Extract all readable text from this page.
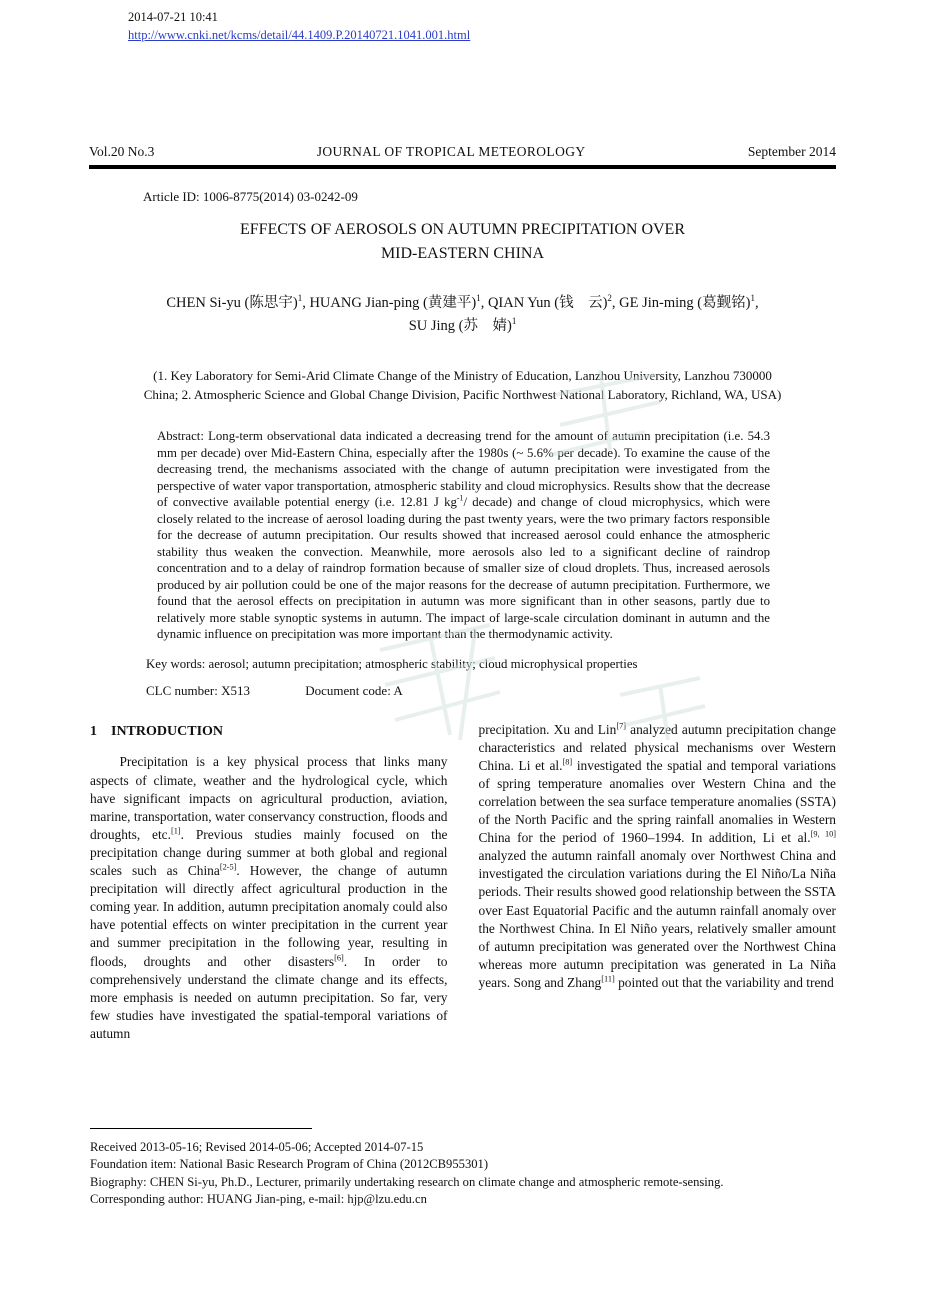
2014-07-21 10:41
http://www.cnki.net/kcms/detail/44.1409.P.20140721.1041.001.html
Vol.20 No.3	JOURNAL OF TROPICAL METEOROLOGY	September 2014
Article ID: 1006-8775(2014) 03-0242-09
EFFECTS OF AEROSOLS ON AUTUMN PRECIPITATION OVER
MID-EASTERN CHINA
CHEN Si-yu (陈思宇)$^1$, HUANG Jian-ping (黄建平)$^1$, QIAN Yun (钱　云)$^2$, GE Jin-ming (葛觐铭)$^1$,
SU Jing (苏　婧)$^1$
(1. Key Laboratory for Semi-Arid Climate Change of the Ministry of Education, Lanzhou University, Lanzhou 730000 China; 2. Atmospheric Science and Global Change Division, Pacific Northwest National Laboratory, Richland, WA, USA)
Abstract: Long-term observational data indicated a decreasing trend for the amount of autumn precipitation (i.e. 54.3 mm per decade) over Mid-Eastern China, especially after the 1980s (~ 5.6% per decade). To examine the cause of the decreasing trend, the mechanisms associated with the change of autumn precipitation were investigated from the perspective of water vapor transportation, atmospheric stability and cloud microphysics. Results show that the decrease of convective available potential energy (i.e. 12.81 J $kg^{-1}/$ decade) and change of cloud microphysics, which were closely related to the increase of aerosol loading during the past twenty years, were the two primary factors responsible for the decrease of autumn precipitation. Our results showed that increased aerosol could enhance the atmospheric stability thus weaken the convection. Meanwhile, more aerosols also led to a significant decline of raindrop concentration and to a delay of raindrop formation because of smaller size of cloud droplets. Thus, increased aerosols produced by air pollution could be one of the major reasons for the decrease of autumn precipitation. Furthermore, we found that the aerosol effects on precipitation in autumn was more significant than in other seasons, partly due to relatively more stable synoptic systems in autumn. The impact of large-scale circulation dominant in autumn and the dynamic influence on precipitation was more important than the thermodynamic activity.
Key words: aerosol; autumn precipitation; atmospheric stability; cloud microphysical properties
CLC number: X513	Document code: A
1    INTRODUCTION

Precipitation is a key physical process that links many aspects of climate, weather and the hydrological cycle, which have significant impacts on agricultural production, aviation, marine, transportation, water conservancy construction, floods and droughts, etc.[1]. Previous studies mainly focused on the precipitation change during summer at both global and regional scales such as China[2-5]. However, the change of autumn precipitation will directly affect agricultural production in the coming year. In addition, autumn precipitation anomaly could also have potential effects on winter precipitation in the current year and summer precipitation in the following year, resulting in floods, droughts and other disasters[6]. In order to comprehensively understand the climate change and its effects, more emphasis is needed on autumn precipitation. So far, very few studies have investigated the spatial-temporal variations of autumn

precipitation. Xu and Lin[7] analyzed autumn precipitation change characteristics and related physical mechanisms over Western China. Li et al.[8] investigated the spatial and temporal variations of spring temperature anomalies over Western China and the correlation between the sea surface temperature anomalies (SSTA) of the North Pacific and the spring rainfall anomalies in Western China for the period of 1960–1994. In addition, Li et al.[9, 10] analyzed the autumn rainfall anomaly over Northwest China and investigated the circulation variations during the El Niño/La Niña periods. Their results showed good relationship between the SSTA over East Equatorial Pacific and the autumn rainfall anomaly over the Northwest China. In El Niño years, relatively smaller amount of autumn precipitation was generated over the Northwest China whereas more autumn precipitation was generated in La Niña years. Song and Zhang[11] pointed out that the variability and trend

Received 2013-05-16; Revised 2014-05-06; Accepted 2014-07-15
Foundation item: National Basic Research Program of China (2012CB955301)
Biography: CHEN Si-yu, Ph.D., Lecturer, primarily undertaking research on climate change and atmospheric remote-sensing.
Corresponding author: HUANG Jian-ping, e-mail: hjp@lzu.edu.cn
